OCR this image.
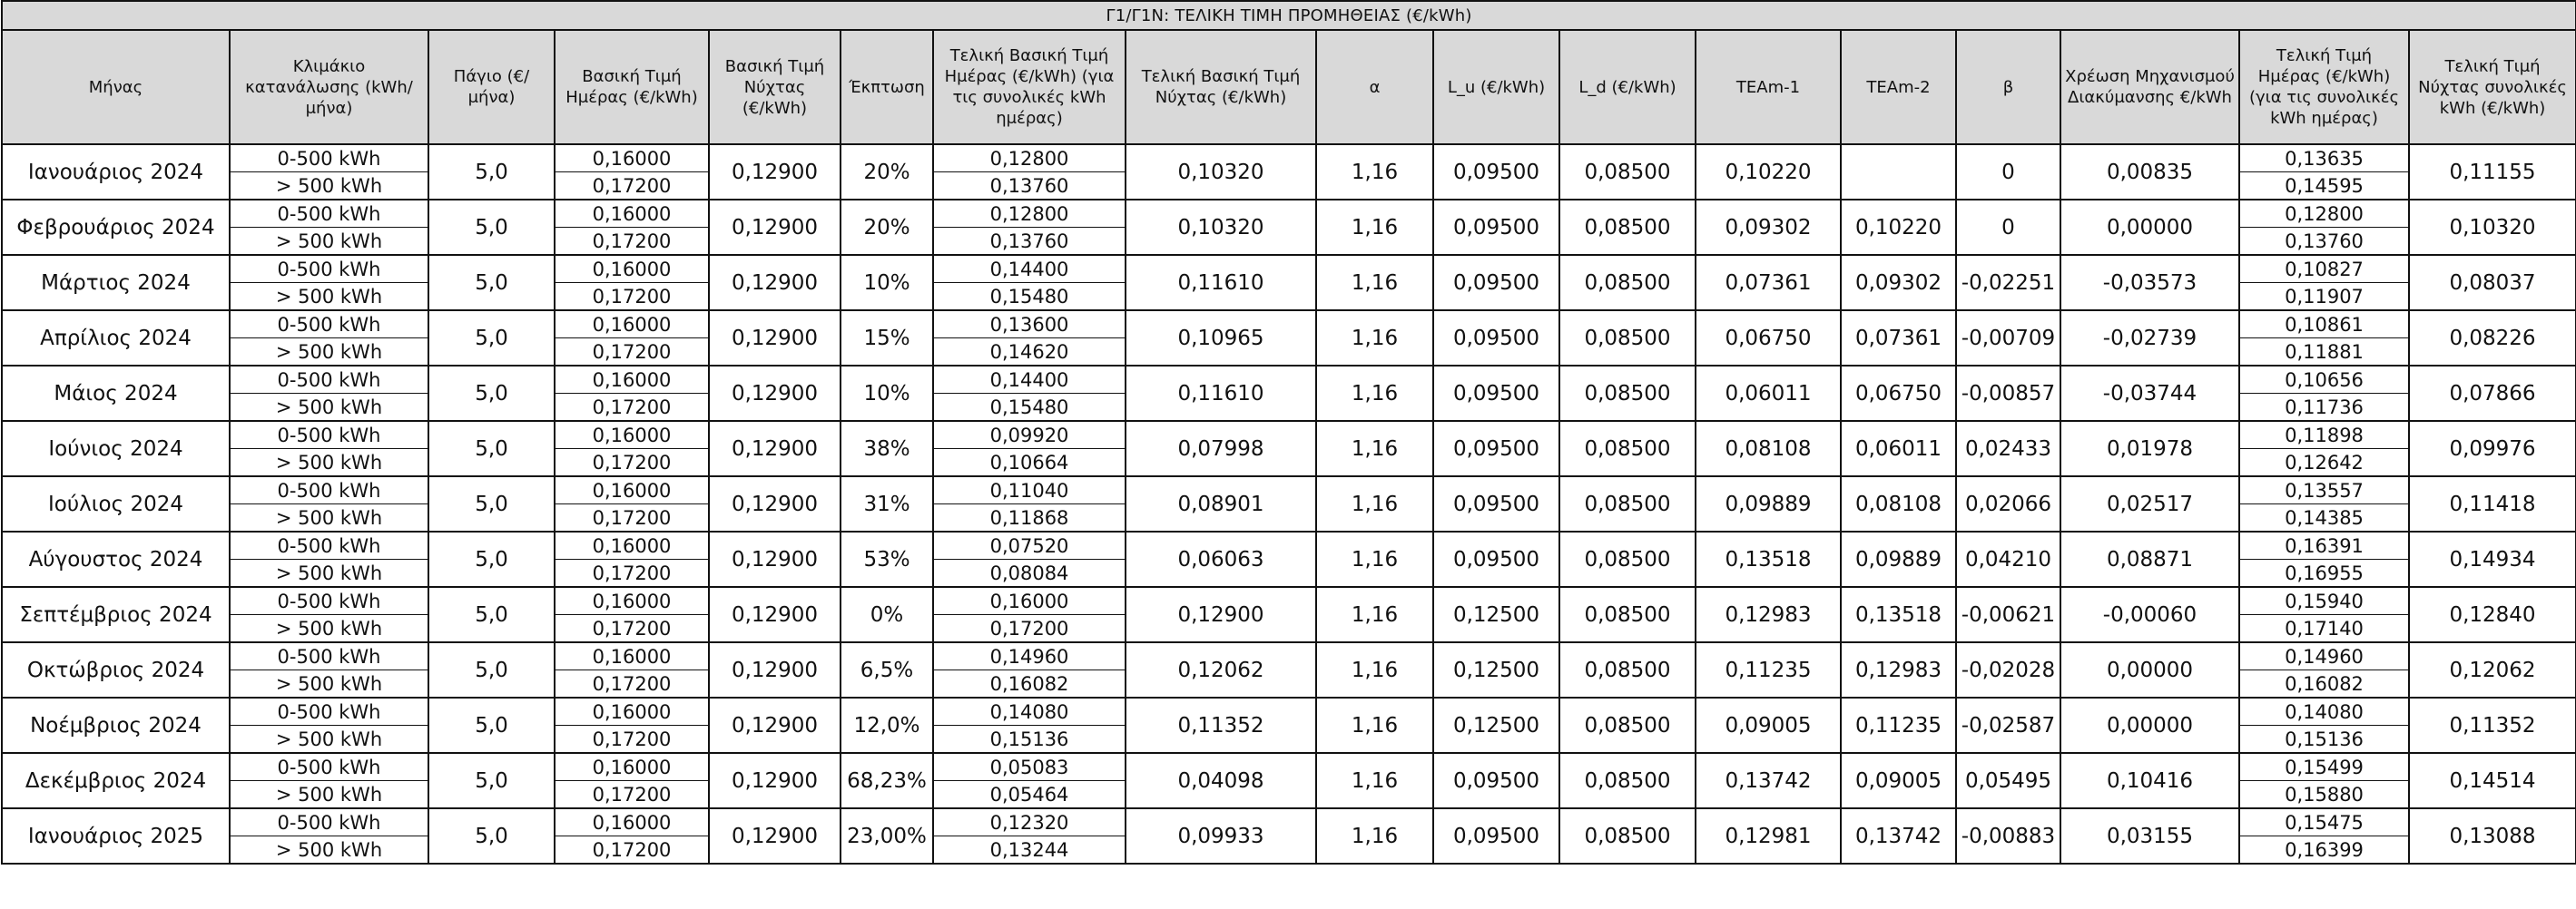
Γ1/Γ1Ν: ΤΕΛΙΚΗ ΤΙΜΗ ΠΡΟΜΗΘΕΙΑΣ (€/kWh)																
Μήνας	Κλιμάκιο κατανάλωσης (kWh/μήνα)	Πάγιο (€/μήνα)	Βασική Τιμή Ημέρας (€/kWh)	Βασική Τιμή Νύχτας (€/kWh)	Έκπτωση	Τελική Βασική Τιμή Ημέρας (€/kWh) (για τις συνολικές kWh ημέρας)	Τελική Βασική Τιμή Νύχτας (€/kWh)	α	L_u (€/kWh)	L_d (€/kWh)	TEAm-1	TEAm-2	β	Χρέωση Μηχανισμού Διακύμανσης €/kWh	Τελική Τιμή Ημέρας (€/kWh) (για τις συνολικές kWh ημέρας)	Τελική Τιμή Νύχτας συνολικές kWh (€/kWh)
Ιανουάριος 2024	0-500 kWh	5,0	0,16000	0,12900	20%	0,12800	0,10320	1,16	0,09500	0,08500	0,10220		0	0,00835	0,13635	0,11155
	> 500 kWh		0,17200			0,13760									0,14595	
Φεβρουάριος 2024	0-500 kWh	5,0	0,16000	0,12900	20%	0,12800	0,10320	1,16	0,09500	0,08500	0,09302	0,10220	0	0,00000	0,12800	0,10320
	> 500 kWh		0,17200			0,13760									0,13760	
Μάρτιος 2024	0-500 kWh	5,0	0,16000	0,12900	10%	0,14400	0,11610	1,16	0,09500	0,08500	0,07361	0,09302	-0,02251	-0,03573	0,10827	0,08037
	> 500 kWh		0,17200			0,15480									0,11907	
Απρίλιος 2024	0-500 kWh	5,0	0,16000	0,12900	15%	0,13600	0,10965	1,16	0,09500	0,08500	0,06750	0,07361	-0,00709	-0,02739	0,10861	0,08226
	> 500 kWh		0,17200			0,14620									0,11881	
Μάιος 2024	0-500 kWh	5,0	0,16000	0,12900	10%	0,14400	0,11610	1,16	0,09500	0,08500	0,06011	0,06750	-0,00857	-0,03744	0,10656	0,07866
	> 500 kWh		0,17200			0,15480									0,11736	
Ιούνιος 2024	0-500 kWh	5,0	0,16000	0,12900	38%	0,09920	0,07998	1,16	0,09500	0,08500	0,08108	0,06011	0,02433	0,01978	0,11898	0,09976
	> 500 kWh		0,17200			0,10664									0,12642	
Ιούλιος 2024	0-500 kWh	5,0	0,16000	0,12900	31%	0,11040	0,08901	1,16	0,09500	0,08500	0,09889	0,08108	0,02066	0,02517	0,13557	0,11418
	> 500 kWh		0,17200			0,11868									0,14385	
Αύγουστος 2024	0-500 kWh	5,0	0,16000	0,12900	53%	0,07520	0,06063	1,16	0,09500	0,08500	0,13518	0,09889	0,04210	0,08871	0,16391	0,14934
	> 500 kWh		0,17200			0,08084									0,16955	
Σεπτέμβριος 2024	0-500 kWh	5,0	0,16000	0,12900	0%	0,16000	0,12900	1,16	0,12500	0,08500	0,12983	0,13518	-0,00621	-0,00060	0,15940	0,12840
	> 500 kWh		0,17200			0,17200									0,17140	
Οκτώβριος 2024	0-500 kWh	5,0	0,16000	0,12900	6,5%	0,14960	0,12062	1,16	0,12500	0,08500	0,11235	0,12983	-0,02028	0,00000	0,14960	0,12062
	> 500 kWh		0,17200			0,16082									0,16082	
Νοέμβριος 2024	0-500 kWh	5,0	0,16000	0,12900	12,0%	0,14080	0,11352	1,16	0,12500	0,08500	0,09005	0,11235	-0,02587	0,00000	0,14080	0,11352
	> 500 kWh		0,17200			0,15136									0,15136	
Δεκέμβριος 2024	0-500 kWh	5,0	0,16000	0,12900	68,23%	0,05083	0,04098	1,16	0,09500	0,08500	0,13742	0,09005	0,05495	0,10416	0,15499	0,14514
	> 500 kWh		0,17200			0,05464									0,15880	
Ιανουάριος 2025	0-500 kWh	5,0	0,16000	0,12900	23,00%	0,12320	0,09933	1,16	0,09500	0,08500	0,12981	0,13742	-0,00883	0,03155	0,15475	0,13088
	> 500 kWh		0,17200			0,13244									0,16399	
